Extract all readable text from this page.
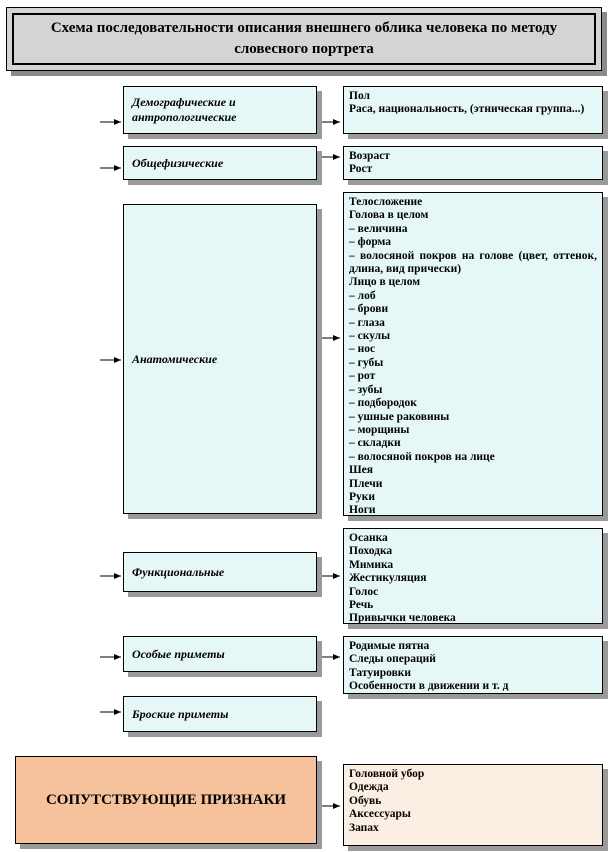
Схема последовательности описания внешнего облика человека по методу словесного портрета
Демографические и антропологические
Пол
Раса, национальность, (этническая группа...)
Общефизические	Возраст
Рост
Анатомические
Телосложение
Голова в целом
– величина
– форма
– волосяной покров на голове (цвет, оттенок, длина, вид прически)
Лицо в целом
– лоб
– брови
– глаза
– скулы
– нос
– губы
– рот
– зубы
– подбородок
– ушные раковины
– морщины
– складки
– волосяной покров на лице
Шея
Плечи
Руки
Ноги
Функциональные
Осанка
Походка
Мимика
Жестикуляция
Голос
Речь
Привычки человека
Особые приметы
Родимые пятна
Следы операций
Татуировки
Особенности в движении и т. д
Броские приметы
СОПУТСТВУЮЩИЕ ПРИЗНАКИ
Головной убор
Одежда
Обувь
Аксессуары
Запах
